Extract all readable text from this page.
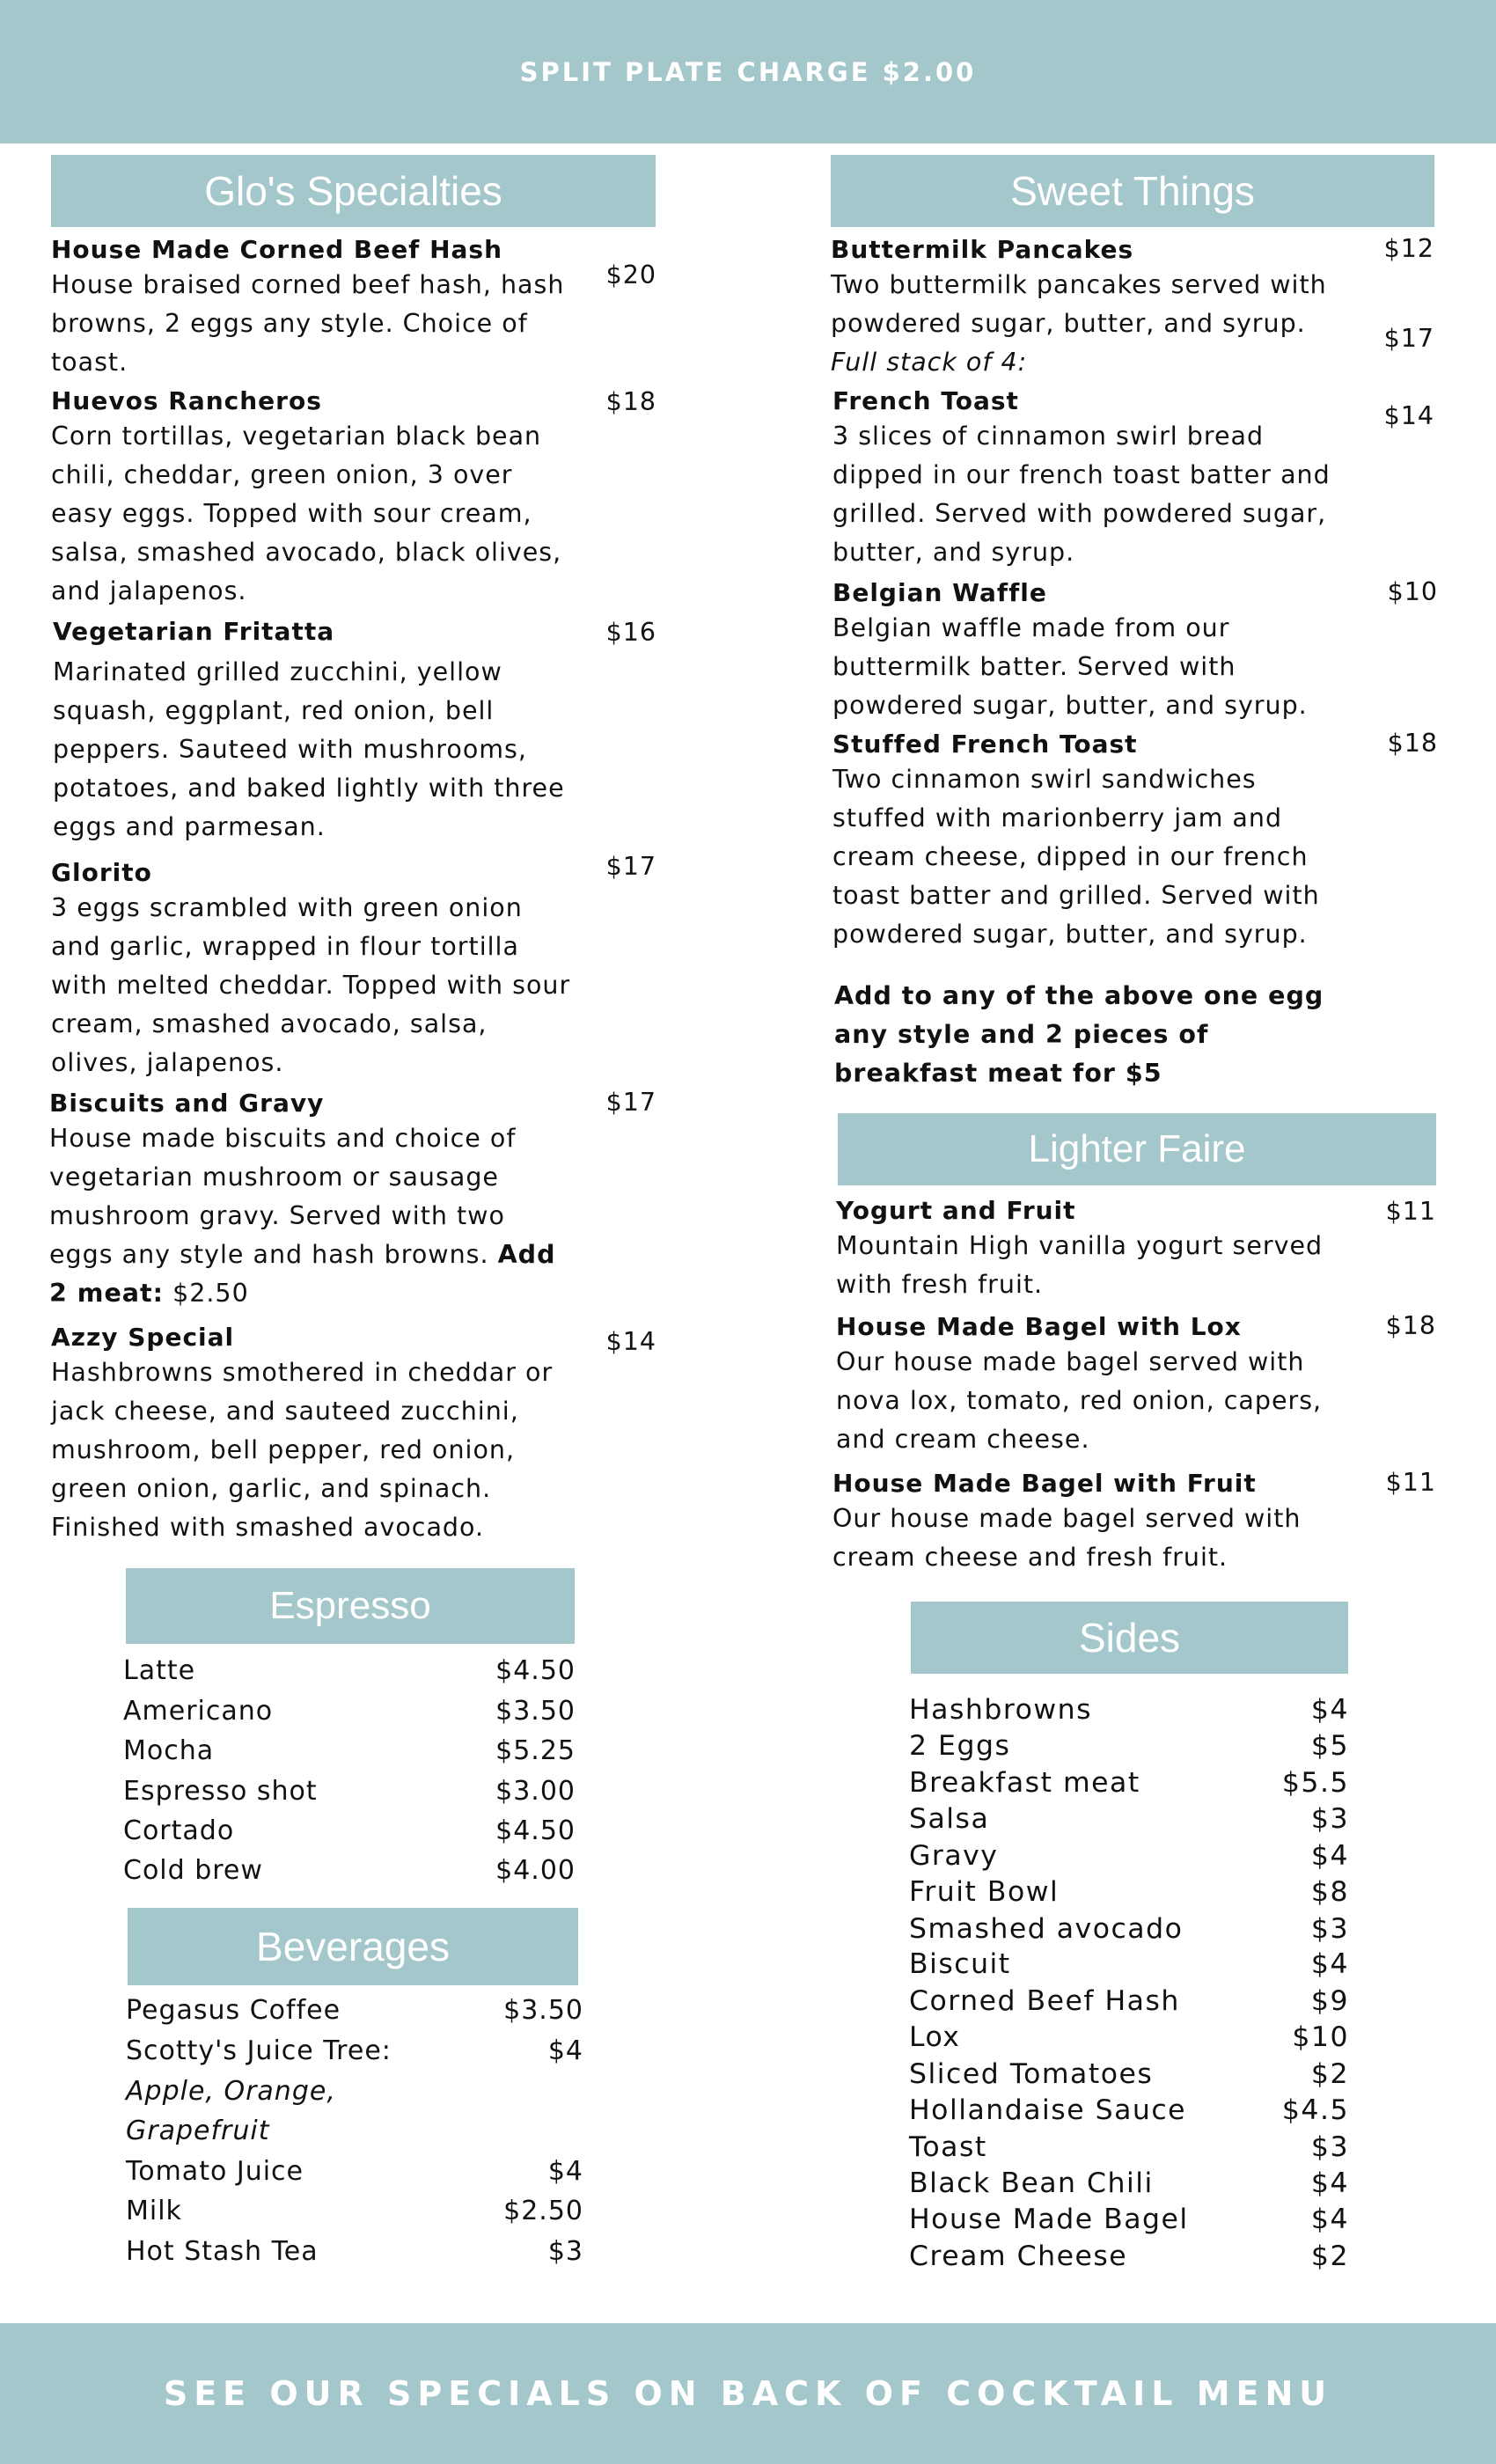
SPLIT PLATE CHARGE $2.00
Glo's Specialties
House Made Corned Beef Hash
House braised corned beef hash, hash browns, 2 eggs any style. Choice of toast.
$20
Huevos Rancheros
Corn tortillas, vegetarian black bean chili, cheddar, green onion, 3 over easy eggs. Topped with sour cream, salsa, smashed avocado, black olives, and jalapenos.
$18
Vegetarian Fritatta
Marinated grilled zucchini, yellow squash, eggplant, red onion, bell peppers. Sauteed with mushrooms, potatoes, and baked lightly with three eggs and parmesan.
$16
Glorito
3 eggs scrambled with green onion and garlic, wrapped in flour tortilla with melted cheddar. Topped with sour cream, smashed avocado, salsa, olives, jalapenos.
$17
Biscuits and Gravy
House made biscuits and choice of vegetarian mushroom or sausage mushroom gravy. Served with two eggs any style and hash browns. Add 2 meat: $2.50
$17
Azzy Special
Hashbrowns smothered in cheddar or jack cheese, and sauteed zucchini, mushroom, bell pepper, red onion, green onion, garlic, and spinach. Finished with smashed avocado.
$14
Sweet Things
Buttermilk Pancakes
Two buttermilk pancakes served with powdered sugar, butter, and syrup.
Full stack of 4:
$12
$17
French Toast
3 slices of cinnamon swirl bread dipped in our french toast batter and grilled. Served with powdered sugar, butter, and syrup.
$14
Belgian Waffle
Belgian waffle made from our buttermilk batter. Served with powdered sugar, butter, and syrup.
$10
Stuffed French Toast
Two cinnamon swirl sandwiches stuffed with marionberry jam and cream cheese, dipped in our french toast batter and grilled. Served with powdered sugar, butter, and syrup.
$18
Add to any of the above one egg any style and 2 pieces of breakfast meat for $5
Lighter Faire
Yogurt and Fruit
Mountain High vanilla yogurt served with fresh fruit.
$11
House Made Bagel with Lox
Our house made bagel served with nova lox, tomato, red onion, capers, and cream cheese.
$18
House Made Bagel with Fruit
Our house made bagel served with cream cheese and fresh fruit.
$11
Espresso
Latte	$4.50
Americano	$3.50
Mocha	$5.25
Espresso shot	$3.00
Cortado	$4.50
Cold brew	$4.00
Beverages
Pegasus Coffee	$3.50
Scotty's Juice Tree:	$4
Apple, Orange,
Grapefruit
Tomato Juice	$4
Milk	$2.50
Hot Stash Tea	$3
Sides
Hashbrowns	$4
2 Eggs	$5
Breakfast meat	$5.5
Salsa	$3
Gravy	$4
Fruit Bowl	$8
Smashed avocado	$3
Biscuit	$4
Corned Beef Hash	$9
Lox	$10
Sliced Tomatoes	$2
Hollandaise Sauce	$4.5
Toast	$3
Black Bean Chili	$4
House Made Bagel	$4
Cream Cheese	$2
SEE OUR SPECIALS ON BACK OF COCKTAIL MENU
